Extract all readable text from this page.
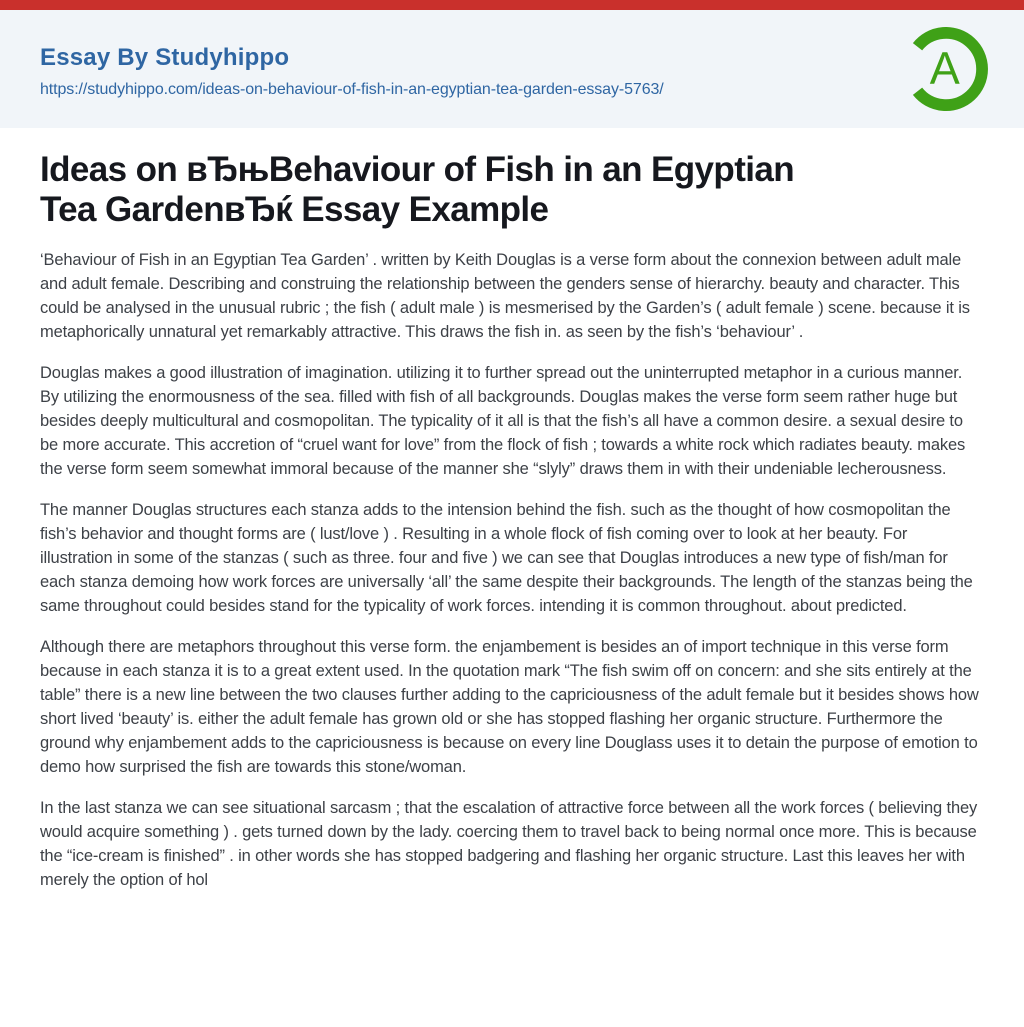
Essay By Studyhippo
https://studyhippo.com/ideas-on-behaviour-of-fish-in-an-egyptian-tea-garden-essay-5763/	A
Ideas on вЂњBehaviour of Fish in an Egyptian
Tea GardenвЂќ Essay Example

‘Behaviour of Fish in an Egyptian Tea Garden’ . written by Keith Douglas is a verse form about the connexion between adult male and adult female. Describing and construing the relationship between the genders sense of hierarchy. beauty and character. This could be analysed in the unusual rubric ; the fish ( adult male ) is mesmerised by the Garden’s ( adult female ) scene. because it is metaphorically unnatural yet remarkably attractive. This draws the fish in. as seen by the fish’s ‘behaviour’ .

Douglas makes a good illustration of imagination. utilizing it to further spread out the uninterrupted metaphor in a curious manner. By utilizing the enormousness of the sea. filled with fish of all backgrounds. Douglas makes the verse form seem rather huge but besides deeply multicultural and cosmopolitan. The typicality of it all is that the fish’s all have a common desire. a sexual desire to be more accurate. This accretion of “cruel want for love” from the flock of fish ; towards a white rock which radiates beauty. makes the verse form seem somewhat immoral because of the manner she “slyly” draws them in with their undeniable lecherousness.

The manner Douglas structures each stanza adds to the intension behind the fish. such as the thought of how cosmopolitan the fish’s behavior and thought forms are ( lust/love ) . Resulting in a whole flock of fish coming over to look at her beauty. For illustration in some of the stanzas ( such as three. four and five ) we can see that Douglas introduces a new type of fish/man for each stanza demoing how work forces are universally ‘all’ the same despite their backgrounds. The length of the stanzas being the same throughout could besides stand for the typicality of work forces. intending it is common throughout. about predicted.

Although there are metaphors throughout this verse form. the enjambement is besides an of import technique in this verse form because in each stanza it is to a great extent used. In the quotation mark “The fish swim off on concern: and she sits entirely at the table” there is a new line between the two clauses further adding to the capriciousness of the adult female but it besides shows how short lived ‘beauty’ is. either the adult female has grown old or she has stopped flashing her organic structure. Furthermore the ground why enjambement adds to the capriciousness is because on every line Douglass uses it to detain the purpose of emotion to demo how surprised the fish are towards this stone/woman.

In the last stanza we can see situational sarcasm ; that the escalation of attractive force between all the work forces ( believing they would acquire something ) . gets turned down by the lady. coercing them to travel back to being normal once more. This is because the “ice-cream is finished” . in other words she has stopped badgering and flashing her organic structure. Last this leaves her with merely the option of hol
